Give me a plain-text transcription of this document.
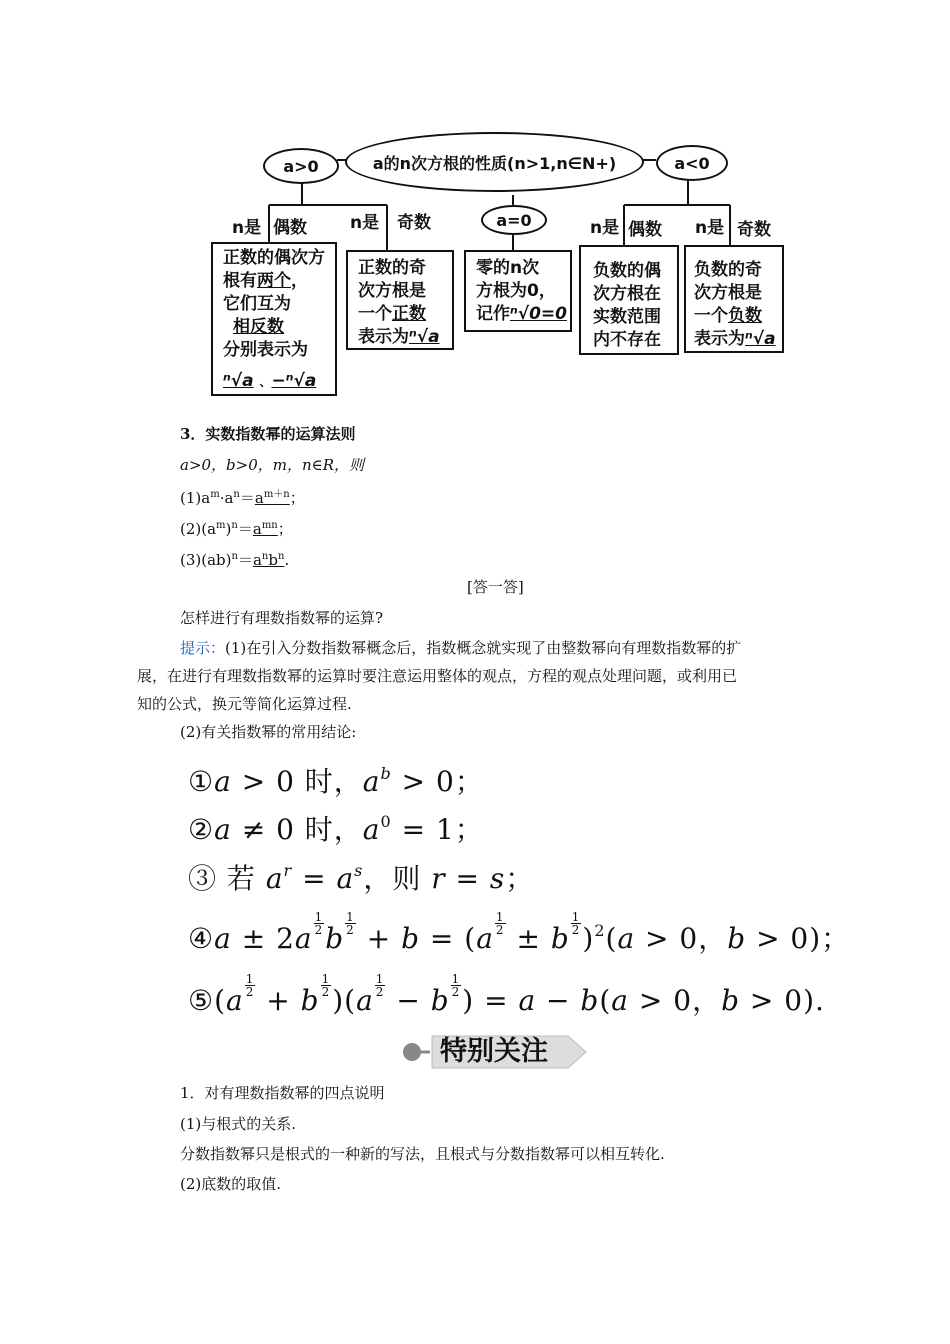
a的n次方根的性质(n>1,n∈N+)
a>0
a=0
a<0
n是 偶数	n是 奇数	n是 偶数 n是 奇数
正数的偶次方
根有两个，
它们互为
相反数
分别表示为
ⁿ√a 、−ⁿ√a
正数的奇
次方根是
一个正数
表示为ⁿ√a
零的n次
方根为0，
记作ⁿ√0=0
负数的偶
次方根在
实数范围
内不存在
负数的奇
次方根是
一个负数
表示为ⁿ√a
3．实数指数幂的运算法则
a>0，b>0，m，n∈R，则
$(1)a^m\cdot a^n=a^{m+n}$；
$(2)(a^m)^n=a^{mn}$；
$(3)(ab)^n=a^nb^n$.
[答一答]
怎样进行有理数指数幂的运算?
提示：(1)在引入分数指数幂概念后，指数概念就实现了由整数幂向有理数指数幂的扩
展，在进行有理数指数幂的运算时要注意运用整体的观点，方程的观点处理问题，或利用已
知的公式，换元等简化运算过程.
(2)有关指数幂的常用结论:
①a > 0 时，$a^b > 0$；
②a ≠ 0 时，$a^0 = 1$；
③ 若 $a^r = a^s$，则 r = s；
④a ± $2a \frac{1}{2}$ b $\frac{1}{2} + b = (a \frac{1}{2} \pm b \frac{1}{2} )^2(a > 0$，b > 0)；
⑤(a $\frac{1}{2} + b \frac{1}{2} )(a \frac{1}{2} - b \frac{1}{2}$ ) = a − b(a > 0，b > 0).
特别关注
1．对有理数指数幂的四点说明
(1)与根式的关系.
分数指数幂只是根式的一种新的写法，且根式与分数指数幂可以相互转化.
(2)底数的取值.
